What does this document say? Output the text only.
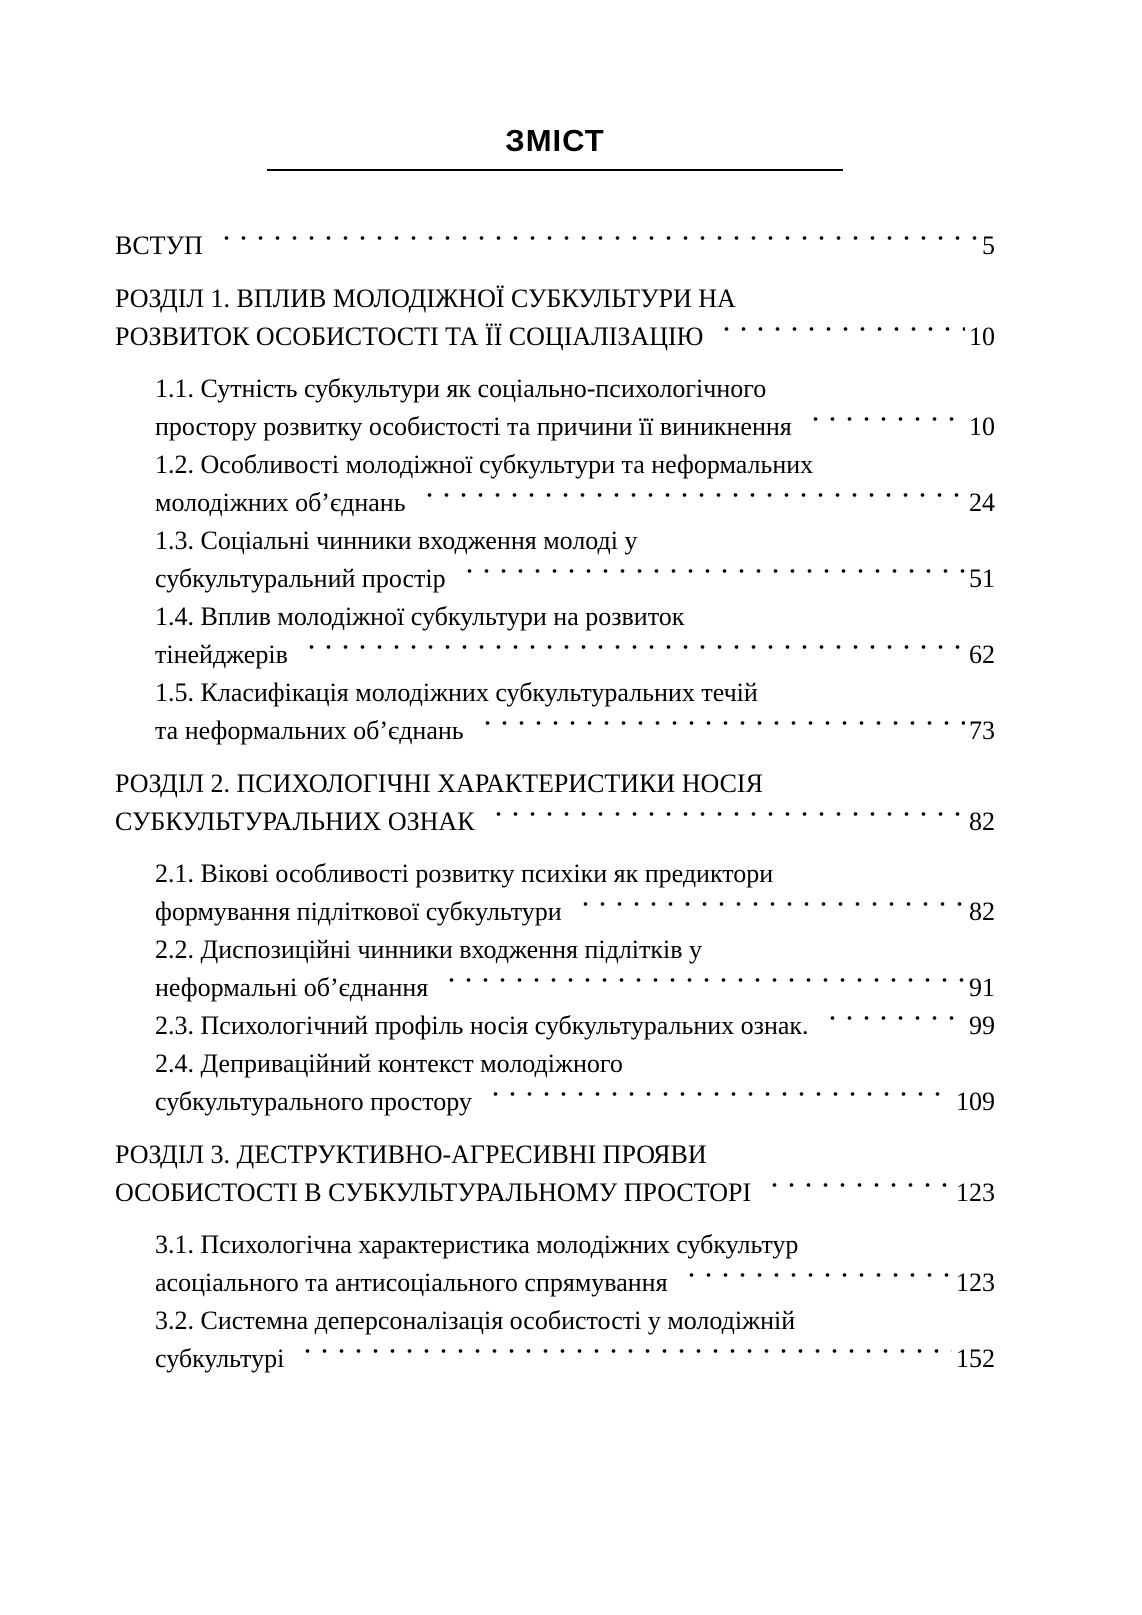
ЗМІСТ
ВСТУП	5
РОЗДІЛ 1. ВПЛИВ МОЛОДІЖНОЇ СУБКУЛЬТУРИ НА
РОЗВИТОК ОСОБИСТОСТІ ТА ЇЇ СОЦІАЛІЗАЦІЮ	10
1.1. Сутність субкультури як соціально-психологічного
простору розвитку особистості та причини її виникнення	10
1.2. Особливості молодіжної субкультури та неформальних
молодіжних об’єднань	24
1.3. Соціальні чинники входження молоді у
субкультуральний простір	51
1.4. Вплив молодіжної субкультури на розвиток
тінейджерів	62
1.5. Класифікація молодіжних субкультуральних течій
та неформальних об’єднань	73
РОЗДІЛ 2. ПСИХОЛОГІЧНІ ХАРАКТЕРИСТИКИ НОСІЯ
СУБКУЛЬТУРАЛЬНИХ ОЗНАК	82
2.1. Вікові особливості розвитку психіки як предиктори
формування підліткової субкультури	82
2.2. Диспозиційні чинники входження підлітків у
неформальні об’єднання	91
2.3. Психологічний профіль носія субкультуральних ознак.	99
2.4. Деприваційний контекст молодіжного
субкультурального простору	109
РОЗДІЛ 3. ДЕСТРУКТИВНО-АГРЕСИВНІ ПРОЯВИ
ОСОБИСТОСТІ В СУБКУЛЬТУРАЛЬНОМУ ПРОСТОРІ	123
3.1. Психологічна характеристика молодіжних субкультур
асоціального та антисоціального спрямування	123
3.2. Системна деперсоналізація особистості у молодіжній
субкультурі	152
